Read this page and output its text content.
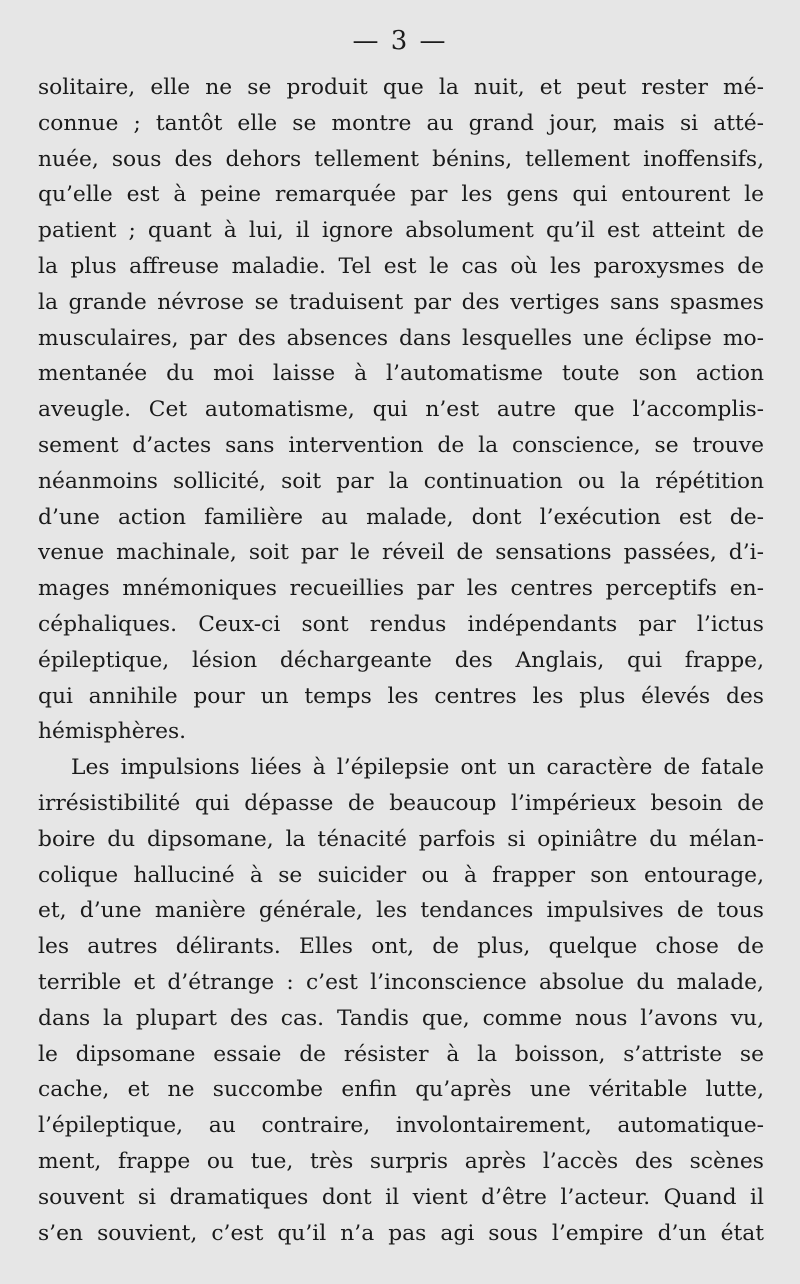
— 3 —
solitaire, elle ne se produit que la nuit, et peut rester mé-
connue ; tantôt elle se montre au grand jour, mais si atté-
nuée, sous des dehors tellement bénins, tellement inoffensifs,
qu’elle est à peine remarquée par les gens qui entourent le
patient ; quant à lui, il ignore absolument qu’il est atteint de
la plus affreuse maladie. Tel est le cas où les paroxysmes de
la grande névrose se traduisent par des vertiges sans spasmes
musculaires, par des absences dans lesquelles une éclipse mo-
mentanée du moi laisse à l’automatisme toute son action
aveugle. Cet automatisme, qui n’est autre que l’accomplis-
sement d’actes sans intervention de la conscience, se trouve
néanmoins sollicité, soit par la continuation ou la répétition
d’une action familière au malade, dont l’exécution est de-
venue machinale, soit par le réveil de sensations passées, d’i-
mages mnémoniques recueillies par les centres perceptifs en-
céphaliques. Ceux-ci sont rendus indépendants par l’ictus
épileptique, lésion déchargeante des Anglais, qui frappe,
qui annihile pour un temps les centres les plus élevés des
hémisphères.
Les impulsions liées à l’épilepsie ont un caractère de fatale
irrésistibilité qui dépasse de beaucoup l’impérieux besoin de
boire du dipsomane, la ténacité parfois si opiniâtre du mélan-
colique halluciné à se suicider ou à frapper son entourage,
et, d’une manière générale, les tendances impulsives de tous
les autres délirants. Elles ont, de plus, quelque chose de
terrible et d’étrange : c’est l’inconscience absolue du malade,
dans la plupart des cas. Tandis que, comme nous l’avons vu,
le dipsomane essaie de résister à la boisson, s’attriste se
cache, et ne succombe enfin qu’après une véritable lutte,
l’épileptique, au contraire, involontairement, automatique-
ment, frappe ou tue, très surpris après l’accès des scènes
souvent si dramatiques dont il vient d’être l’acteur. Quand il
s’en souvient, c’est qu’il n’a pas agi sous l’empire d’un état
